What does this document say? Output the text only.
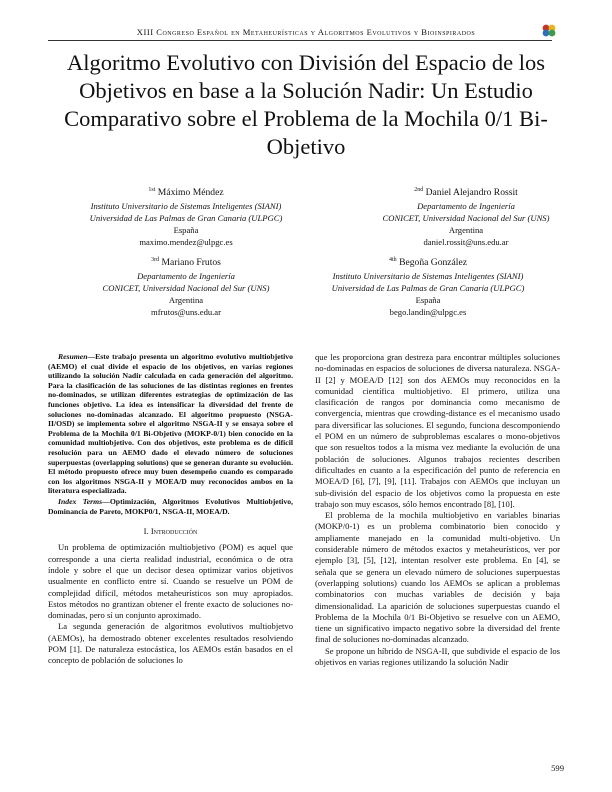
XIII Congreso Español en Metaheurísticas y Algoritmos Evolutivos y Bioinspirados
Algoritmo Evolutivo con División del Espacio de los Objetivos en base a la Solución Nadir: Un Estudio Comparativo sobre el Problema de la Mochila 0/1 Bi-Objetivo
$^{1st}$ Máximo Méndez
Instituto Universitario de Sistemas Inteligentes (SIANI)
Universidad de Las Palmas de Gran Canaria (ULPGC)
España
maximo.mendez@ulpgc.es
$^{2nd}$ Daniel Alejandro Rossit
Departamento de Ingeniería
CONICET, Universidad Nacional del Sur (UNS)
Argentina
daniel.rossit@uns.edu.ar
$^{3rd}$ Mariano Frutos
Departamento de Ingeniería
CONICET, Universidad Nacional del Sur (UNS)
Argentina
mfrutos@uns.edu.ar
$^{4th}$ Begoña González
Instituto Universitario de Sistemas Inteligentes (SIANI)
Universidad de Las Palmas de Gran Canaria (ULPGC)
España
bego.landin@ulpgc.es

Resumen—Este trabajo presenta un algoritmo evolutivo multiobjetivo (AEMO) el cual divide el espacio de los objetivos, en varias regiones utilizando la solución Nadir calculada en cada generación del algoritmo. Para la clasificación de las soluciones de las distintas regiones en frentes no-dominados, se utilizan diferentes estrategias de optimización de las funciones objetivo. La idea es intensificar la diversidad del frente de soluciones no-dominadas alcanzado. El algoritmo propuesto (NSGA-II/OSD) se implementa sobre el algoritmo NSGA-II y se ensaya sobre el Problema de la Mochila 0/1 Bi-Objetivo (MOKP-0/1) bien conocido en la comunidad multiobjetivo. Con dos objetivos, este problema es de difícil resolución para un AEMO dado el elevado número de soluciones superpuestas (overlapping solutions) que se generan durante su evolución. El método propuesto ofrece muy buen desempeño cuando es comparado con los algoritmos NSGA-II y MOEA/D muy reconocidos ambos en la literatura especializada.

Index Terms—Optimización, Algoritmos Evolutivos Multiobjetivo, Dominancia de Pareto, MOKP0/1, NSGA-II, MOEA/D.

I. Introducción

Un problema de optimización multiobjetivo (POM) es aquel que corresponde a una cierta realidad industrial, económica o de otra índole y sobre el que un decisor desea optimizar varios objetivos usualmente en conflicto entre sí. Cuando se resuelve un POM de complejidad difícil, métodos metaheurísticos son muy apropiados. Estos métodos no grantizan obtener el frente exacto de soluciones no-dominadas, pero sí un conjunto aproximado.

La segunda generación de algoritmos evolutivos multiobjetvo (AEMOs), ha demostrado obtener excelentes resultados resolviendo POM [1]. De naturaleza estocástica, los AEMOs están basados en el concepto de población de soluciones lo

que les proporciona gran destreza para encontrar múltiples soluciones no-dominadas en espacios de soluciones de diversa naturaleza. NSGA-II [2] y MOEA/D [12] son dos AEMOs muy reconocidos en la comunidad científica multiobjetivo. El primero, utiliza una clasificación de rangos por dominancia como mecanismo de convergencia, mientras que crowding-distance es el mecanismo usado para diversificar las soluciones. El segundo, funciona descomponiendo el POM en un número de subproblemas escalares o mono-objetivos que son resueltos todos a la misma vez mediante la evolución de una población de soluciones. Algunos trabajos recientes describen dificultades en cuanto a la especificación del punto de referencia en MOEA/D [6], [7], [9], [11]. Trabajos con AEMOs que incluyan un sub-división del espacio de los objetivos como la propuesta en este trabajo son muy escasos, sólo hemos encontrado [8], [10].

El problema de la mochila multiobjetivo en variables binarias (MOKP/0-1) es un problema combinatorio bien conocido y ampliamente manejado en la comunidad multi-objetivo. Un considerable número de métodos exactos y metaheurísticos, ver por ejemplo [3], [5], [12], intentan resolver este problema. En [4], se señala que se genera un elevado número de soluciones superpuestas (overlapping solutions) cuando los AEMOs se aplican a problemas combinatorios con muchas variables de decisión y baja dimensionalidad. La aparición de soluciones superpuestas cuando el Problema de la Mochila 0/1 Bi-Objetivo se resuelve con un AEMO, tiene un significativo impacto negativo sobre la diversidad del frente final de soluciones no-dominadas alcanzado.

Se propone un híbrido de NSGA-II, que subdivide el espacio de los objetivos en varias regiones utilizando la solución Nadir

599
